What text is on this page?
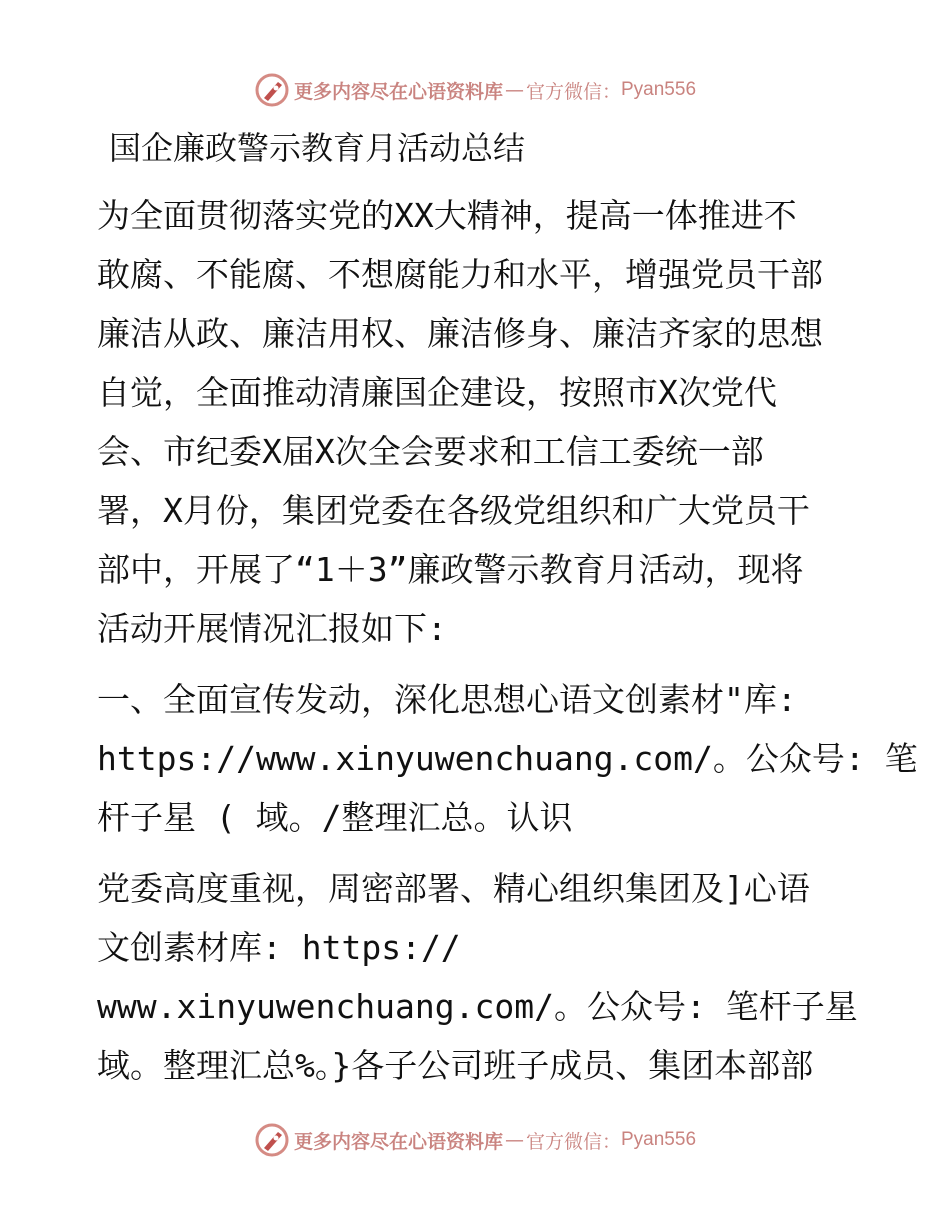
更多内容尽在心语资料库 — 官方微信： Pyan556
国企廉政警示教育月活动总结

为全面贯彻落实党的XX大精神，提高一体推进不
敢腐、不能腐、不想腐能力和水平，增强党员干部
廉洁从政、廉洁用权、廉洁修身、廉洁齐家的思想
自觉，全面推动清廉国企建设，按照市X次党代
会、市纪委X届X次全会要求和工信工委统一部
署，X月份，集团党委在各级党组织和广大党员干
部中，开展了“1＋3”廉政警示教育月活动，现将
活动开展情况汇报如下:

一、全面宣传发动，深化思想心语文创素材"库:
https://www.xinyuwenchuang.com/。公众号: 笔
杆子星 ( 域。/整理汇总。认识

党委高度重视，周密部署、精心组织集团及]心语
文创素材库: https://
www.xinyuwenchuang.com/。公众号: 笔杆子星
域。整理汇总%。}各子公司班子成员、集团本部部

更多内容尽在心语资料库 — 官方微信： Pyan556
